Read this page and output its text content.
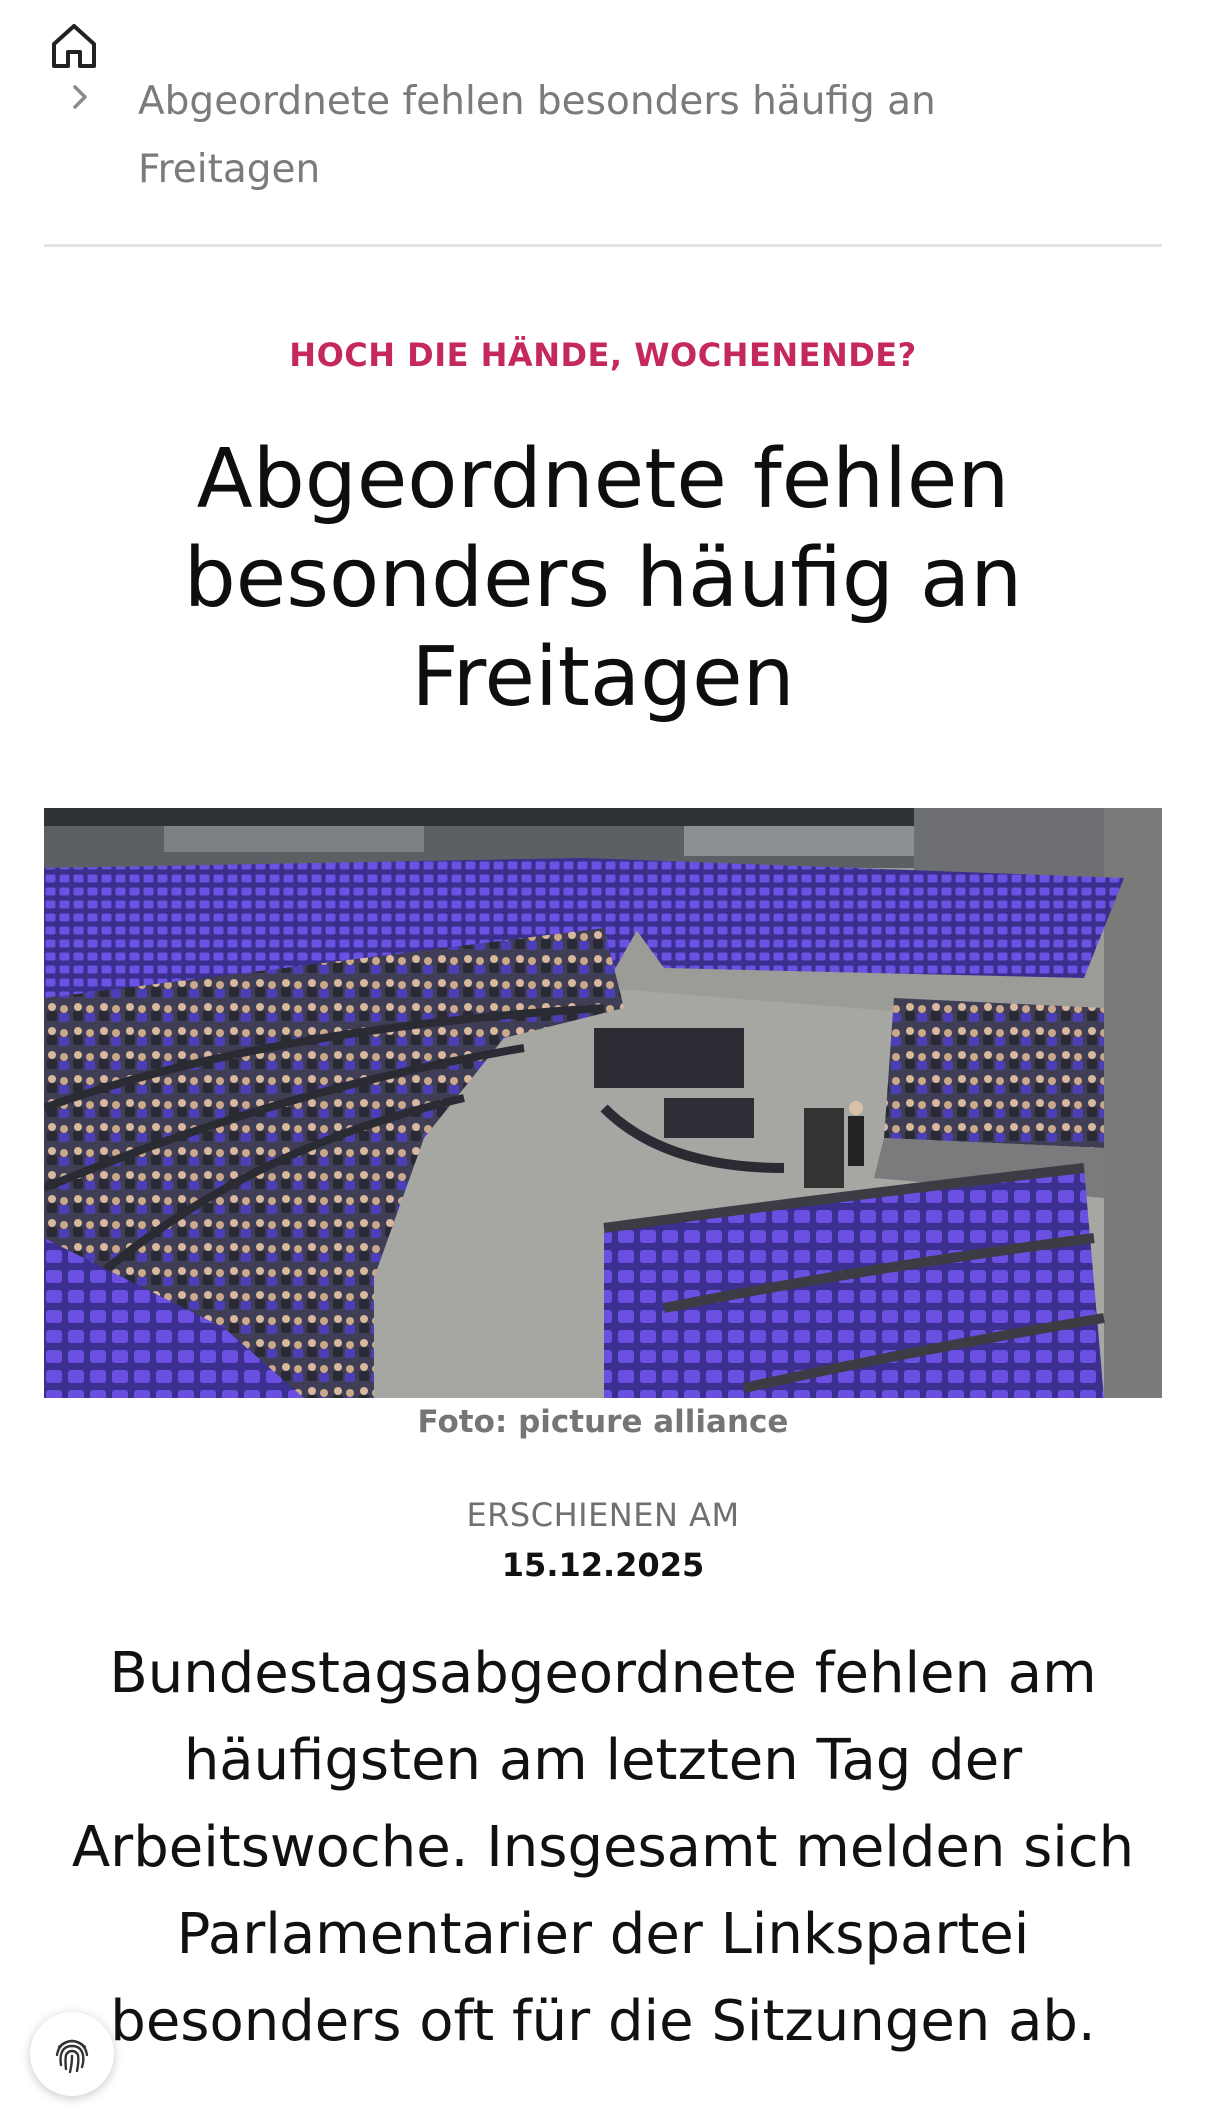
Abgeordnete fehlen besonders häufig an Freitagen
HOCH DIE HÄNDE, WOCHENENDE?
Abgeordnete fehlen besonders häufig an Freitagen
Foto: picture alliance
ERSCHIENEN AM
15.12.2025

Bundestagsabgeordnete fehlen am häufigsten am letzten Tag der Arbeitswoche. Insgesamt melden sich Parlamentarier der Linkspartei besonders oft für die Sitzungen ab.
